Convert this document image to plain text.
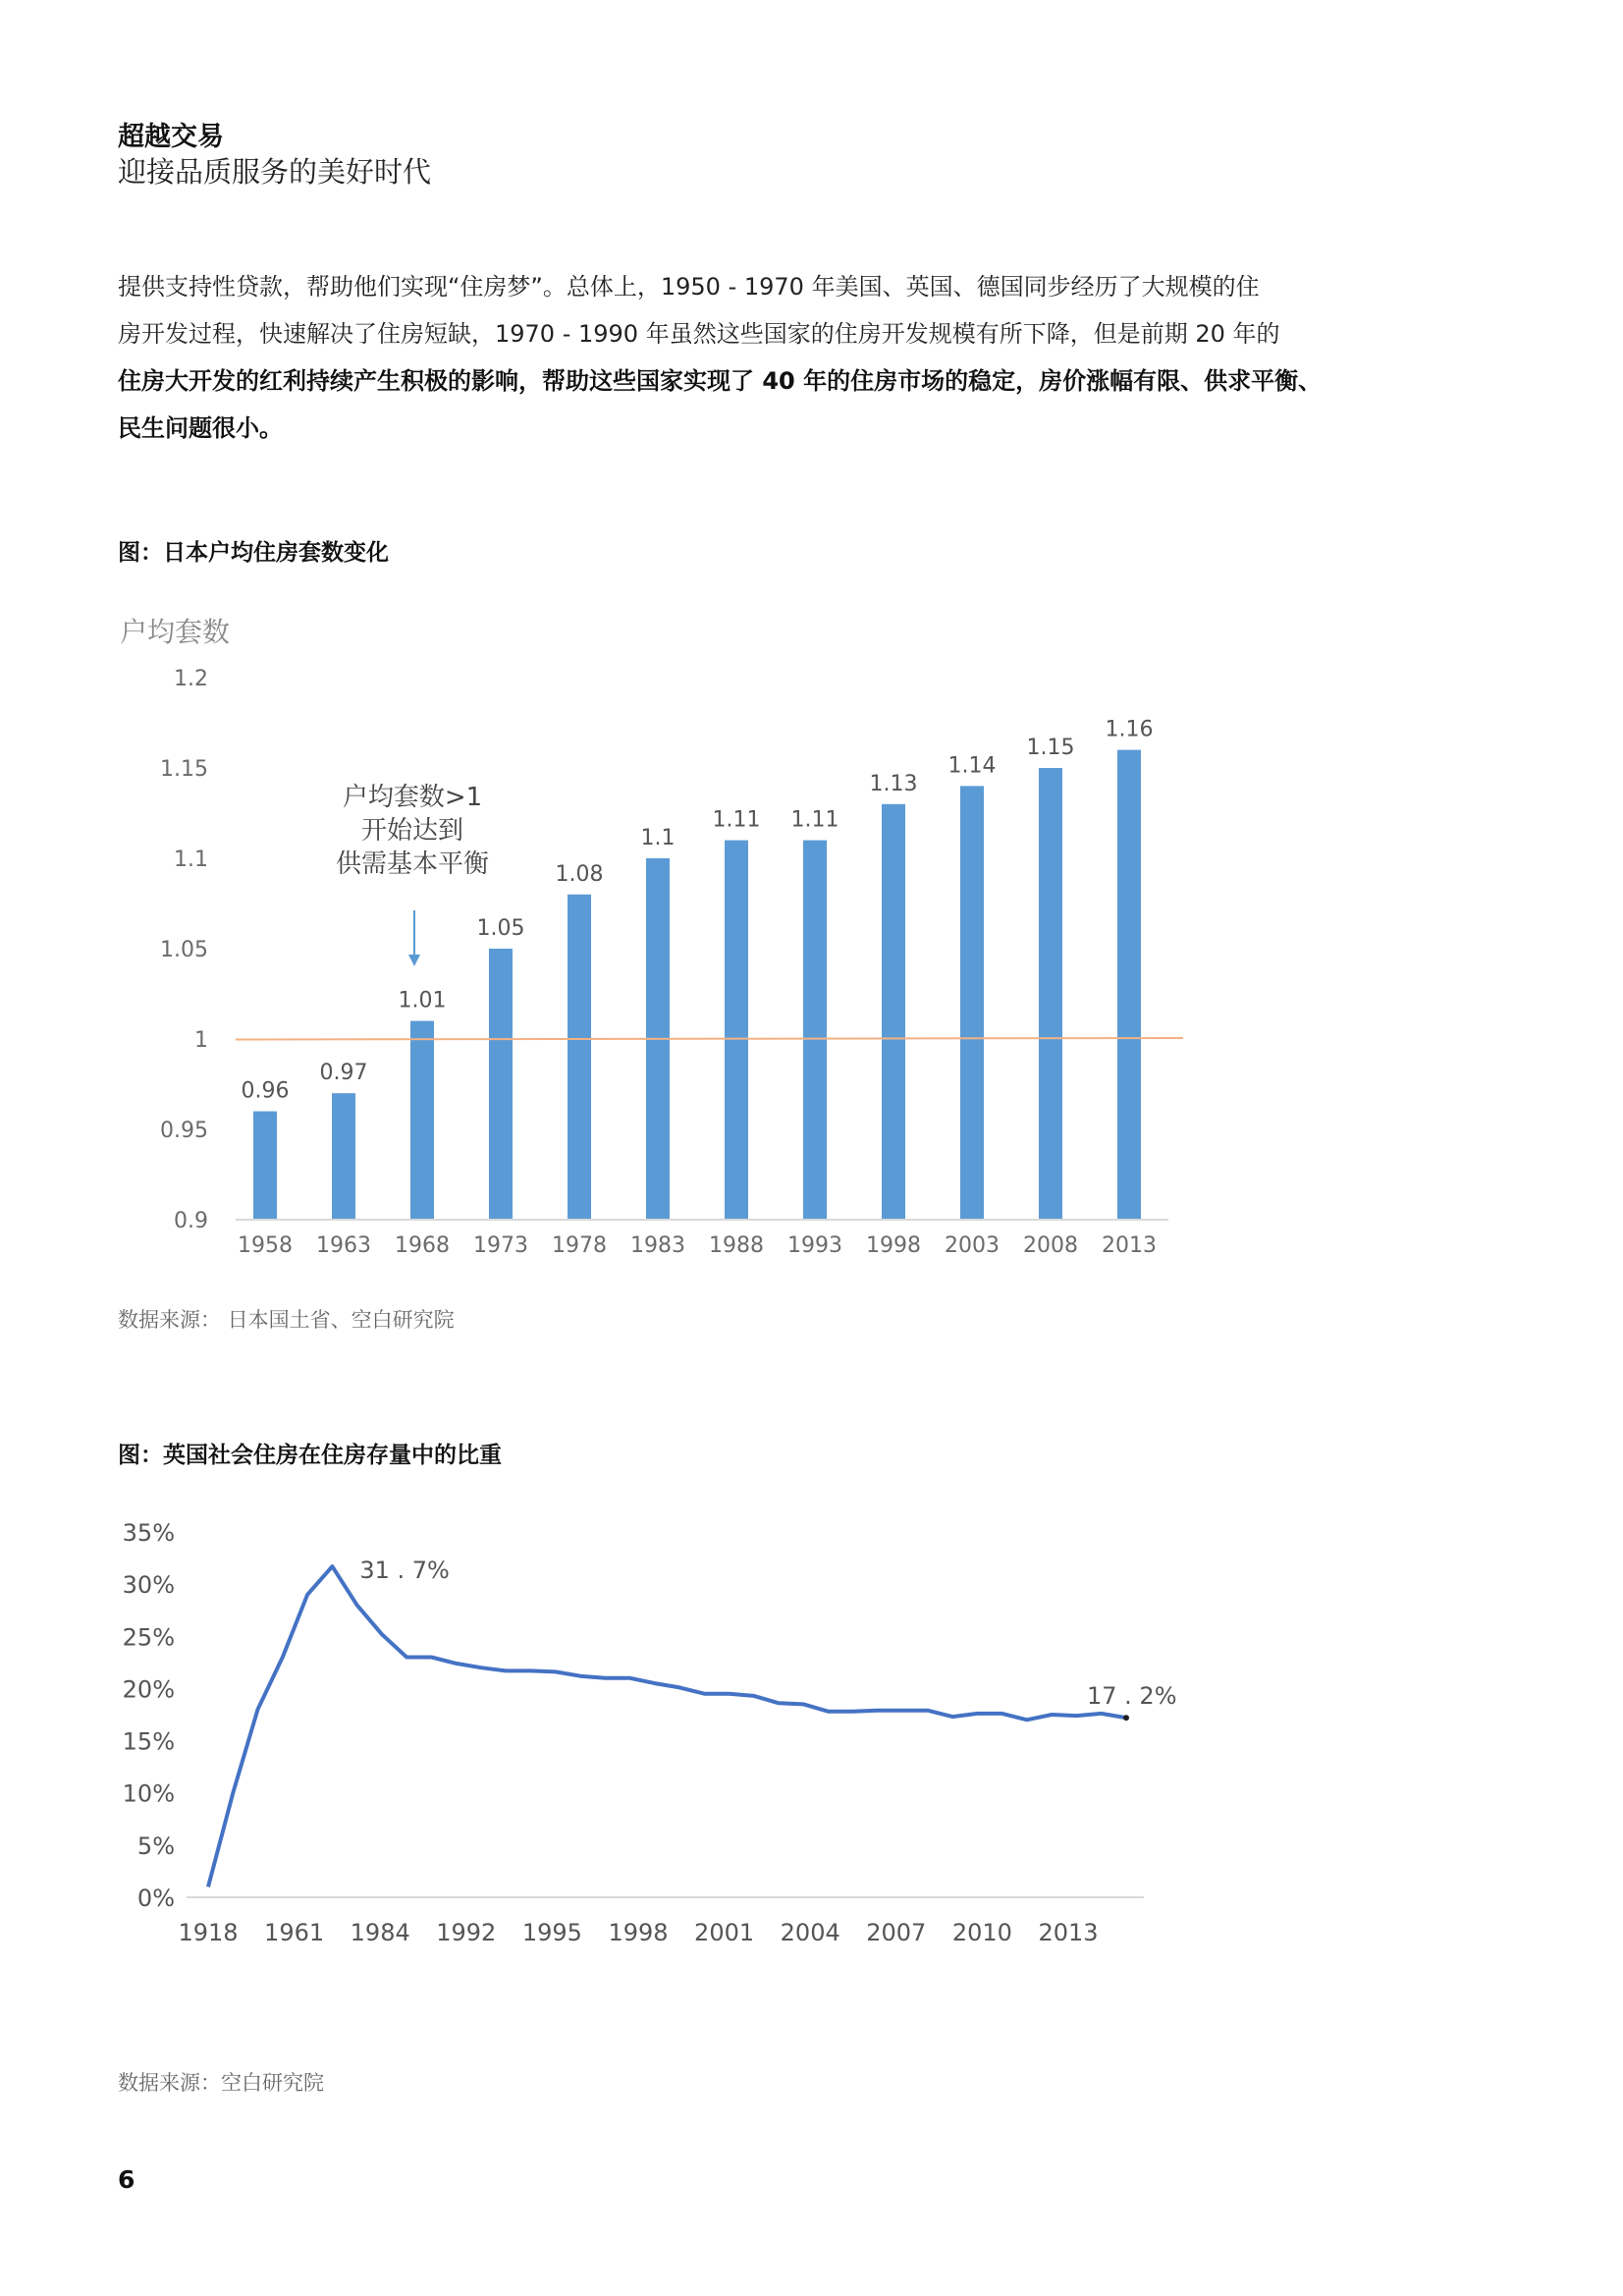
超越交易
迎接品质服务的美好时代
提供支持性贷款，帮助他们实现“住房梦”。总体上，1950 - 1970 年美国、英国、德国同步经历了大规模的住
房开发过程，快速解决了住房短缺，1970 - 1990 年虽然这些国家的住房开发规模有所下降，但是前期 20 年的
住房大开发的红利持续产生积极的影响，帮助这些国家实现了 40 年的住房市场的稳定，房价涨幅有限、供求平衡、
民生问题很小。
图：日本户均住房套数变化
0.9
0.95
1
1.05
1.1
1.15
1.2
0.96
0.97
1.01
1.05
1.08
1.1
1.11 1.11
1.13
1.14
1.15
1.16
1958 1963 1968 1973 1978 1983 1988 1993 1998 2003 2008 2013
户均套数
户均套数>1
开始达到
供需基本平衡
数据来源： 日本国土省、空白研究院
图：英国社会住房在住房存量中的比重
0%
5%
10%
15%
20%
25%
30%
35%
1918 1961 1984 1992 1995 1998 2001 2004 2007 2010 2013
31 . 7%
17 . 2%
数据来源：空白研究院
6
